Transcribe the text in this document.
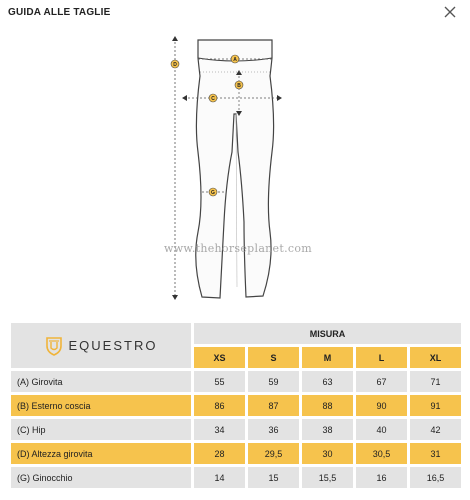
GUIDA ALLE TAGLIE
A
B
C
D
G
www.thehorseplanet.com
EQUESTRO	MISURA				
	XS	S	M	L	XL
(A) Girovita	55	59	63	67	71
(B) Esterno coscia	86	87	88	90	91
(C) Hip	34	36	38	40	42
(D) Altezza girovita	28	29,5	30	30,5	31
(G) Ginocchio	14	15	15,5	16	16,5
